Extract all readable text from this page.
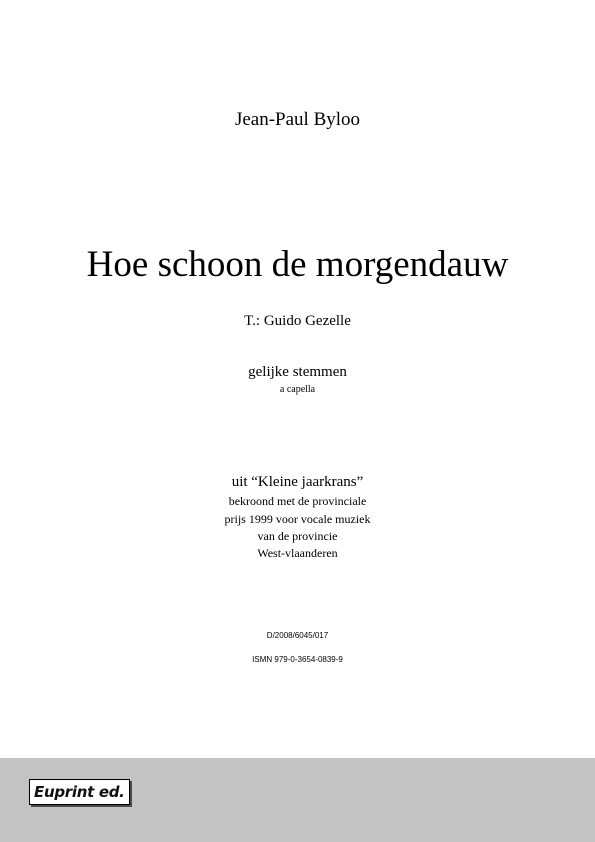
Jean-Paul Byloo
Hoe schoon de morgendauw
T.: Guido Gezelle
gelijke stemmen
a capella
uit “Kleine jaarkrans”
bekroond met de provinciale
prijs 1999 voor vocale muziek
van de provincie
West-vlaanderen
D/2008/6045/017
ISMN 979-0-3654-0839-9
Euprint ed.
